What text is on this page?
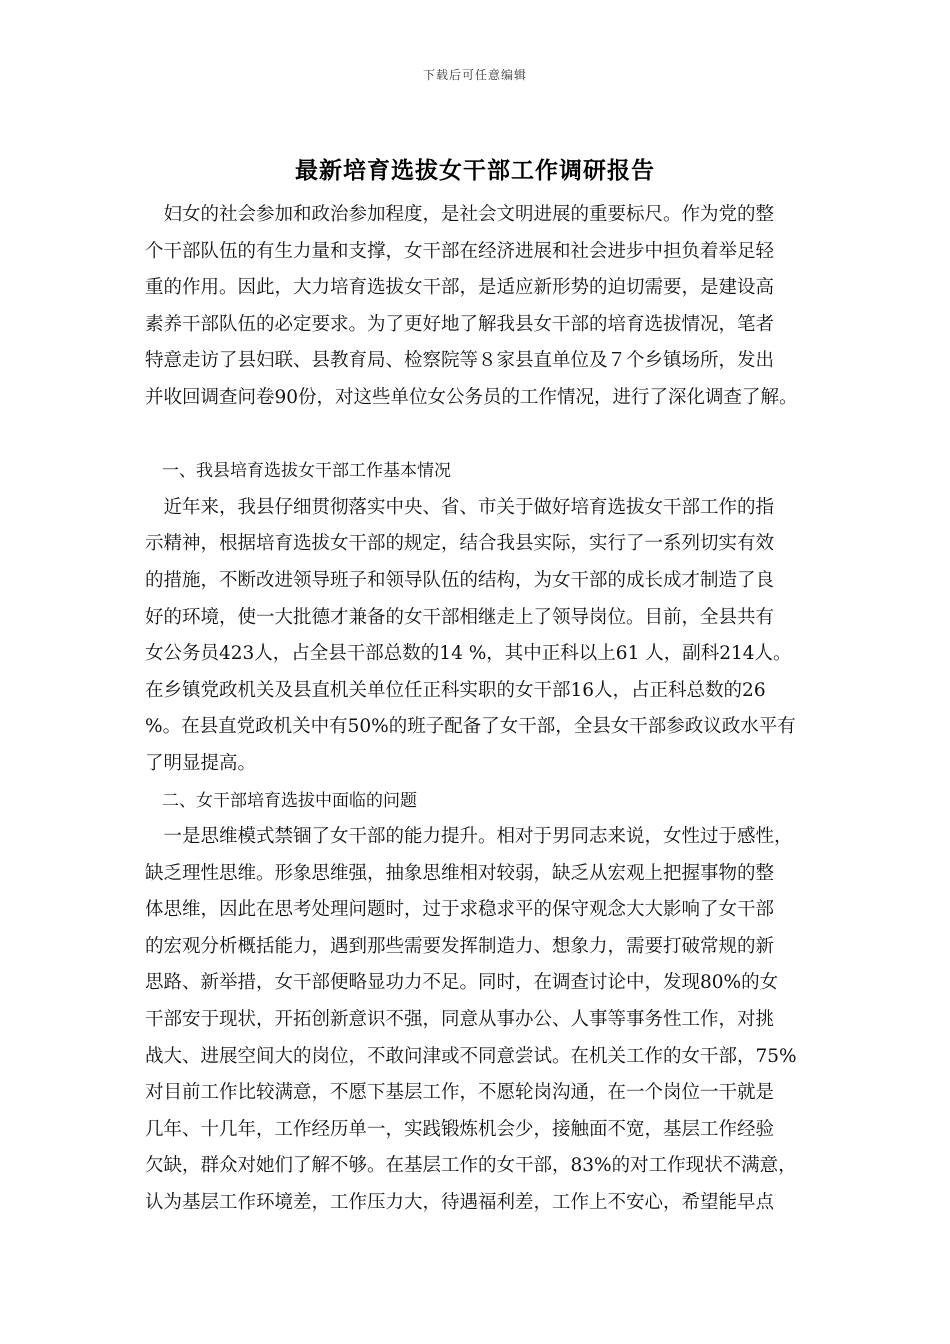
下载后可任意编辑
最新培育选拔女干部工作调研报告
　妇女的社会参加和政治参加程度，是社会文明进展的重要标尺。作为党的整
个干部队伍的有生力量和支撑，女干部在经济进展和社会进步中担负着举足轻
重的作用。因此，大力培育选拔女干部，是适应新形势的迫切需要，是建设高
素养干部队伍的必定要求。为了更好地了解我县女干部的培育选拔情况，笔者
特意走访了县妇联、县教育局、检察院等８家县直单位及７个乡镇场所，发出
并收回调查问卷90份，对这些单位女公务员的工作情况，进行了深化调查了解。
　一、我县培育选拔女干部工作基本情况
　近年来，我县仔细贯彻落实中央、省、市关于做好培育选拔女干部工作的指
示精神，根据培育选拔女干部的规定，结合我县实际，实行了一系列切实有效
的措施，不断改进领导班子和领导队伍的结构，为女干部的成长成才制造了良
好的环境，使一大批德才兼备的女干部相继走上了领导岗位。目前，全县共有
女公务员423人，占全县干部总数的14 %，其中正科以上61 人，副科214人。
在乡镇党政机关及县直机关单位任正科实职的女干部16人，占正科总数的26
%。在县直党政机关中有50%的班子配备了女干部，全县女干部参政议政水平有
了明显提高。
　二、女干部培育选拔中面临的问题
　一是思维模式禁锢了女干部的能力提升。相对于男同志来说，女性过于感性，
缺乏理性思维。形象思维强，抽象思维相对较弱，缺乏从宏观上把握事物的整
体思维，因此在思考处理问题时，过于求稳求平的保守观念大大影响了女干部
的宏观分析概括能力，遇到那些需要发挥制造力、想象力，需要打破常规的新
思路、新举措，女干部便略显功力不足。同时，在调查讨论中，发现80%的女
干部安于现状，开拓创新意识不强，同意从事办公、人事等事务性工作，对挑
战大、进展空间大的岗位，不敢问津或不同意尝试。在机关工作的女干部，75%
对目前工作比较满意，不愿下基层工作，不愿轮岗沟通，在一个岗位一干就是
几年、十几年，工作经历单一，实践锻炼机会少，接触面不宽，基层工作经验
欠缺，群众对她们了解不够。在基层工作的女干部，83%的对工作现状不满意，
认为基层工作环境差，工作压力大，待遇福利差，工作上不安心，希望能早点
